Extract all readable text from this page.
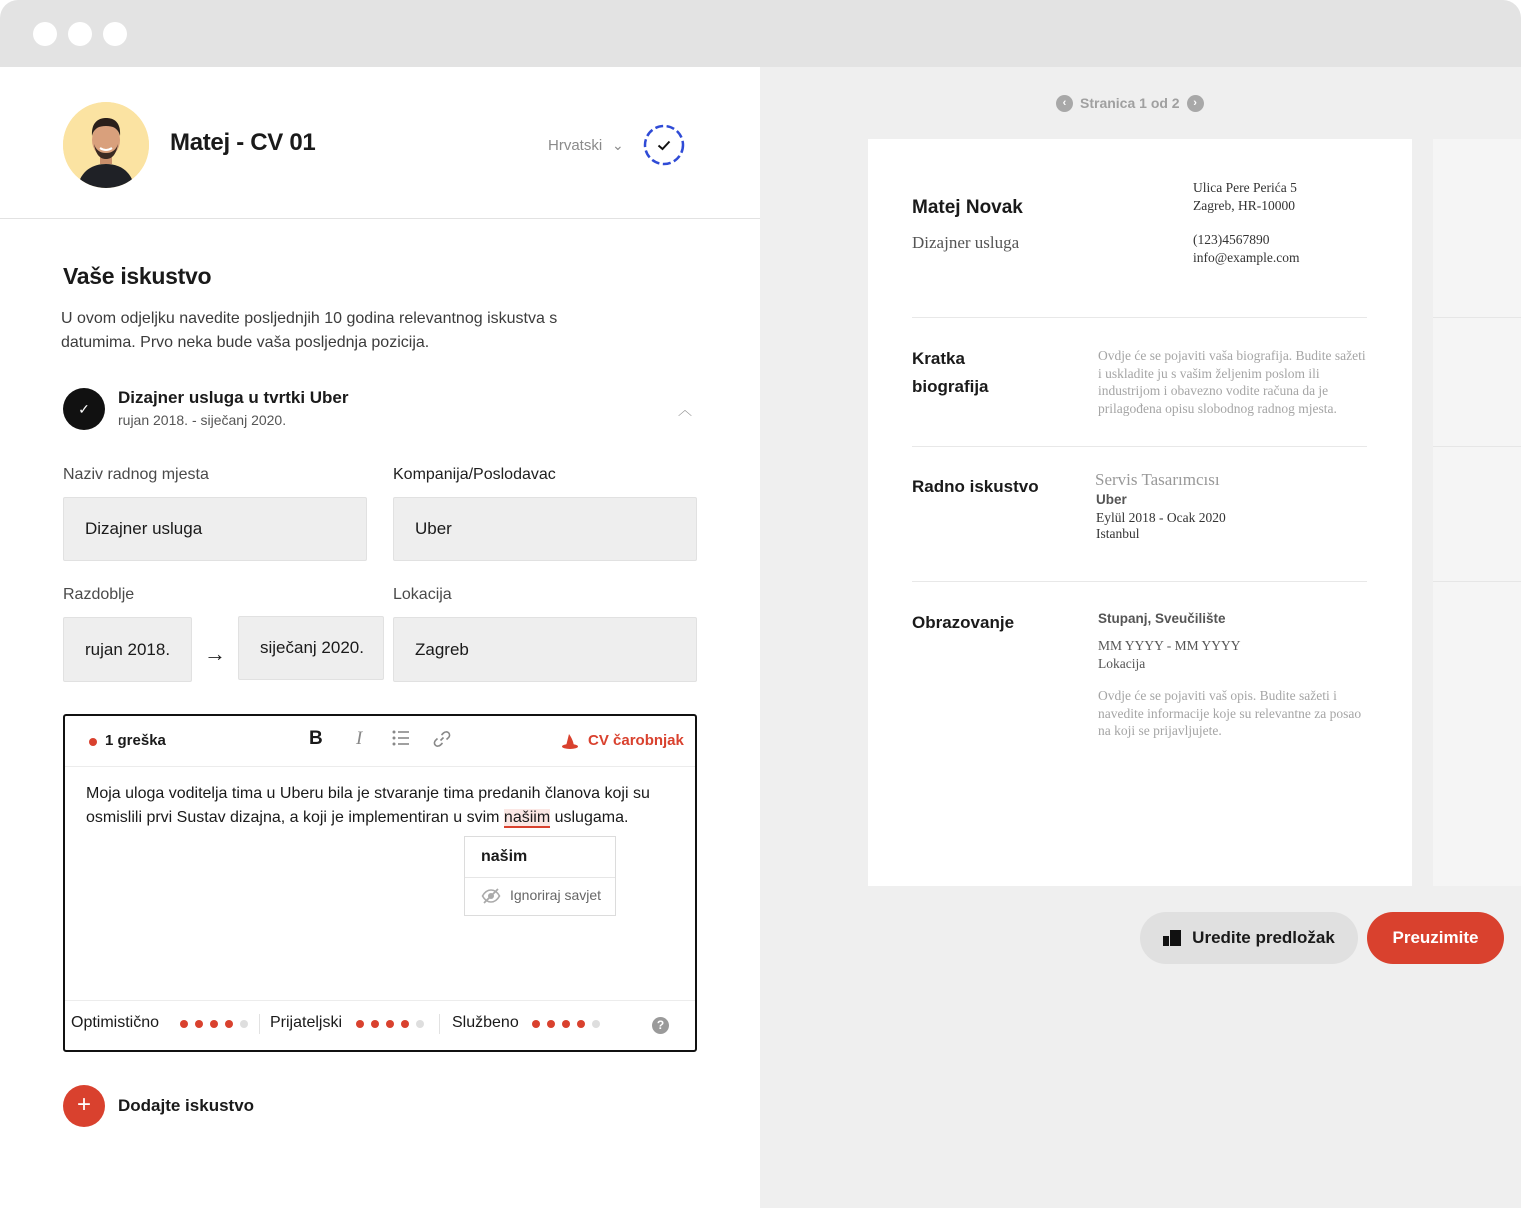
Matej - CV 01	Hrvatski ⌄
Vaše iskustvo
U ovom odjeljku navedite posljednjih 10 godina relevantnog iskustva s datumima. Prvo neka bude vaša posljednja pozicija.
✓
Dizajner usluga u tvrtki Uber
rujan 2018. - siječanj 2020.
︿
Naziv radnog mjesta
Dizajner usluga
Kompanija/Poslodavac
Uber
Razdoblje
rujan 2018.	→	siječanj 2020.
Lokacija
Zagreb
1 greška	B I	CV čarobnjak
Moja uloga voditelja tima u Uberu bila je stvaranje tima predanih članova koji su osmislili prvi Sustav dizajna, a koji je implementiran u svim našiim uslugama.
našim
Ignoriraj savjet
Optimistično	Prijateljski	Službeno	?
+	Dodajte iskustvo
‹ Stranica 1 od 2	›
Matej Novak
Dizajner usluga
Ulica Pere Perića 5
Zagreb, HR-10000
(123)4567890
info@example.com
Kratka biografija
Ovdje će se pojaviti vaša biografija. Budite sažeti i uskladite ju s vašim željenim poslom ili industrijom i obavezno vodite računa da je prilagođena opisu slobodnog radnog mjesta.
Radno iskustvo	Servis Tasarımcısı
Uber
Eylül 2018 - Ocak 2020
Istanbul
Obrazovanje	Stupanj, Sveučilište
MM YYYY - MM YYYY
Lokacija
Ovdje će se pojaviti vaš opis. Budite sažeti i navedite informacije koje su relevantne za posao na koji se prijavljujete.
Uredite predložak	Preuzimite
